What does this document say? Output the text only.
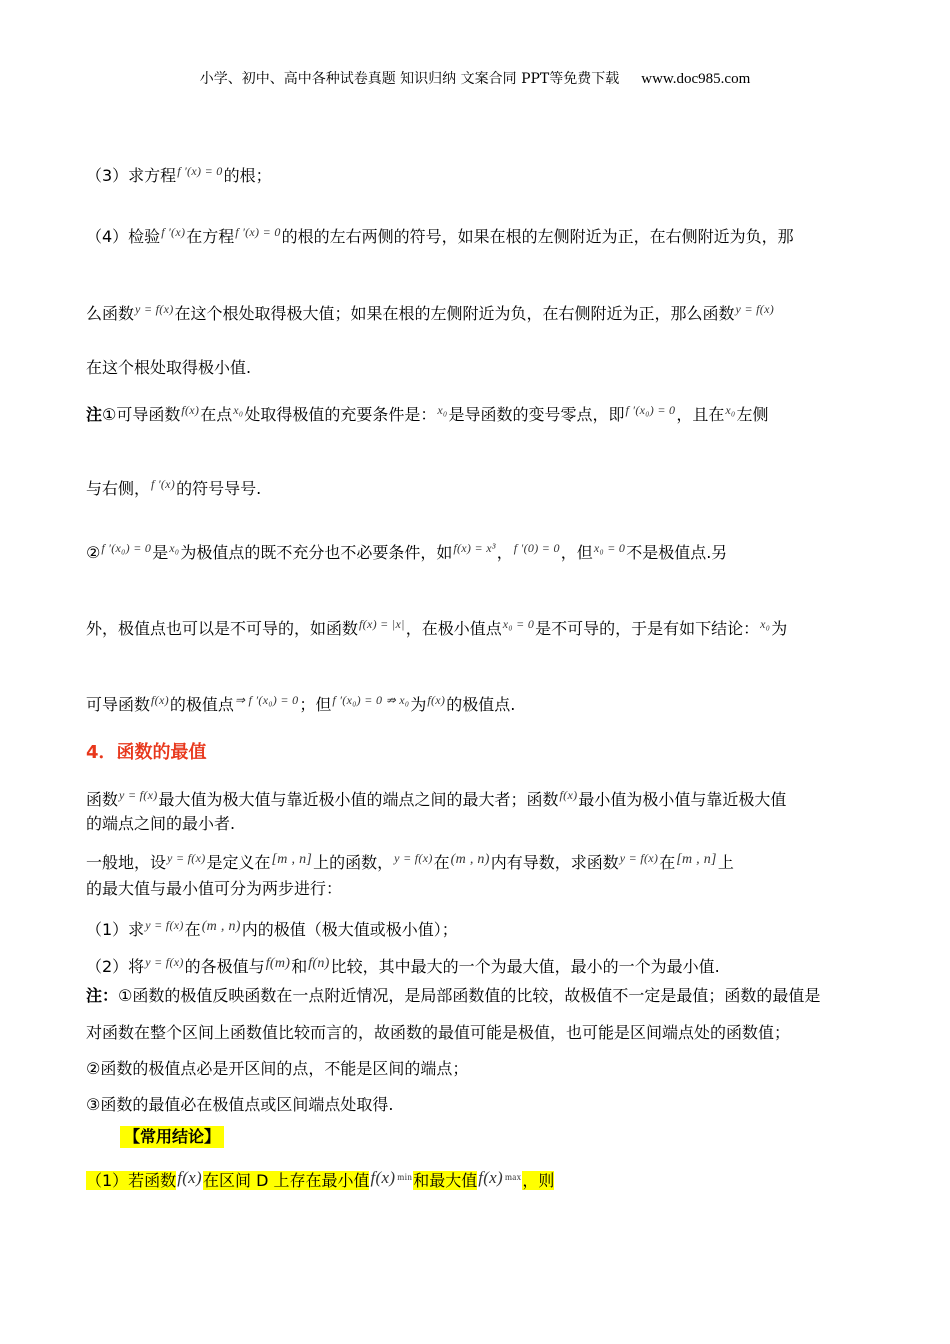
小学、初中、高中各种试卷真题 知识归纳 文案合同 PPT等免费下载 www.doc985.com
（3）求方程$^{f '(x) = 0}$的根；
（4）检验$^{f '(x)}$在方程$^{f '(x) = 0}$的根的左右两侧的符号，如果在根的左侧附近为正，在右侧附近为负，那
么函数$^{y = f(x)}$在这个根处取得极大值；如果在根的左侧附近为负，在右侧附近为正，那么函数$^{y = f(x)}$
在这个根处取得极小值.
注①可导函数$^{f(x)}$在点$^{x_0}$处取得极值的充要条件是：$^{x_0}$是导函数的变号零点，即$^{f '(x_0) = 0}$，且在$^{x_0}$左侧
与右侧，$^{f '(x)}$的符号导号.
②$^{f '(x_0) = 0}$是$^{x_0}$为极值点的既不充分也不必要条件，如$^{f(x) = x^3}$，$^{f '(0) = 0}$，但$^{x_0 = 0}$不是极值点.另
外，极值点也可以是不可导的，如函数$^{f(x) = |x|}$，在极小值点$^{x_0 = 0}$是不可导的，于是有如下结论：$^{x_0}$为
可导函数$^{f(x)}$的极值点$^{\Rightarrow f '(x_0) = 0}$；但$^{f '(x_0) = 0 ⇏ x_0}$为$^{f(x)}$的极值点.
4．函数的最值
函数$^{y = f(x)}$最大值为极大值与靠近极小值的端点之间的最大者；函数$^{f(x)}$最小值为极小值与靠近极大值
的端点之间的最小者.
一般地，设$^{y = f(x)}$是定义在[m , n]上的函数，$^{y = f(x)}$在(m , n)内有导数，求函数$^{y = f(x)}$在[m , n]上
的最大值与最小值可分为两步进行：
（1）求$^{y = f(x)}$在(m , n)内的极值（极大值或极小值）；
（2）将$^{y = f(x)}$的各极值与f(m)和f(n)比较，其中最大的一个为最大值，最小的一个为最小值.
注：①函数的极值反映函数在一点附近情况，是局部函数值的比较，故极值不一定是最值；函数的最值是
对函数在整个区间上函数值比较而言的，故函数的最值可能是极值，也可能是区间端点处的函数值；
②函数的极值点必是开区间的点，不能是区间的端点；
③函数的最值必在极值点或区间端点处取得.
【常用结论】
（1）若函数f(x)在区间 D 上存在最小值f(x) $^{min}$和最大值f(x) $^{max}$，则
